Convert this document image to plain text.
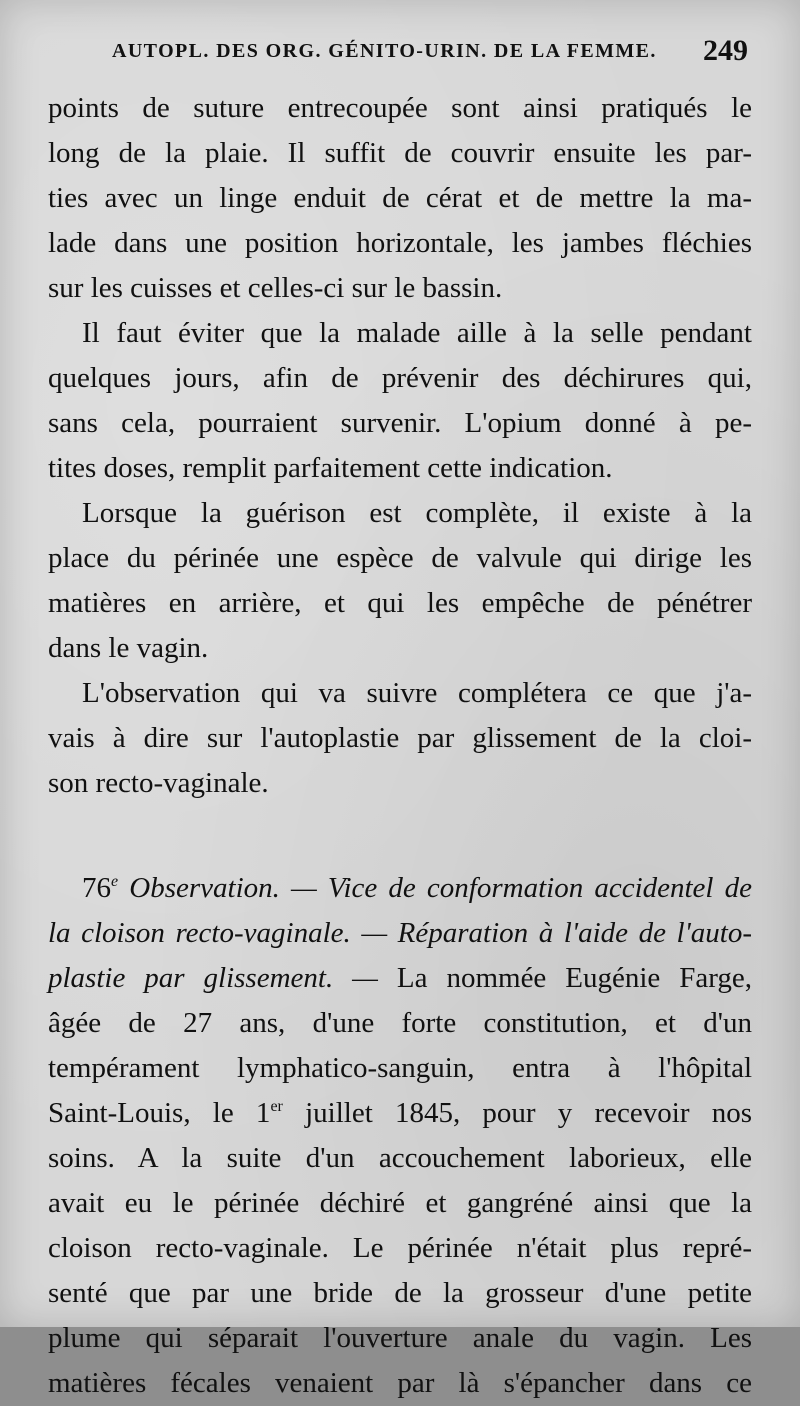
AUTOPL. DES ORG. GÉNITO-URIN. DE LA FEMME. 249
points de suture entrecoupée sont ainsi pratiqués le
long de la plaie. Il suffit de couvrir ensuite les par-
ties avec un linge enduit de cérat et de mettre la ma-
lade dans une position horizontale, les jambes fléchies
sur les cuisses et celles-ci sur le bassin.
Il faut éviter que la malade aille à la selle pendant
quelques jours, afin de prévenir des déchirures qui,
sans cela, pourraient survenir. L'opium donné à pe-
tites doses, remplit parfaitement cette indication.
Lorsque la guérison est complète, il existe à la
place du périnée une espèce de valvule qui dirige les
matières en arrière, et qui les empêche de pénétrer
dans le vagin.
L'observation qui va suivre complétera ce que j'a-
vais à dire sur l'autoplastie par glissement de la cloi-
son recto-vaginale.
76e Observation. — Vice de conformation accidentel de
la cloison recto-vaginale. — Réparation à l'aide de l'auto-
plastie par glissement. — La nommée Eugénie Farge,
âgée de 27 ans, d'une forte constitution, et d'un
tempérament lymphatico-sanguin, entra à l'hôpital
Saint-Louis, le 1er juillet 1845, pour y recevoir nos
soins. A la suite d'un accouchement laborieux, elle
avait eu le périnée déchiré et gangréné ainsi que la
cloison recto-vaginale. Le périnée n'était plus repré-
senté que par une bride de la grosseur d'une petite
plume qui séparait l'ouverture anale du vagin. Les
matières fécales venaient par là s'épancher dans ce
